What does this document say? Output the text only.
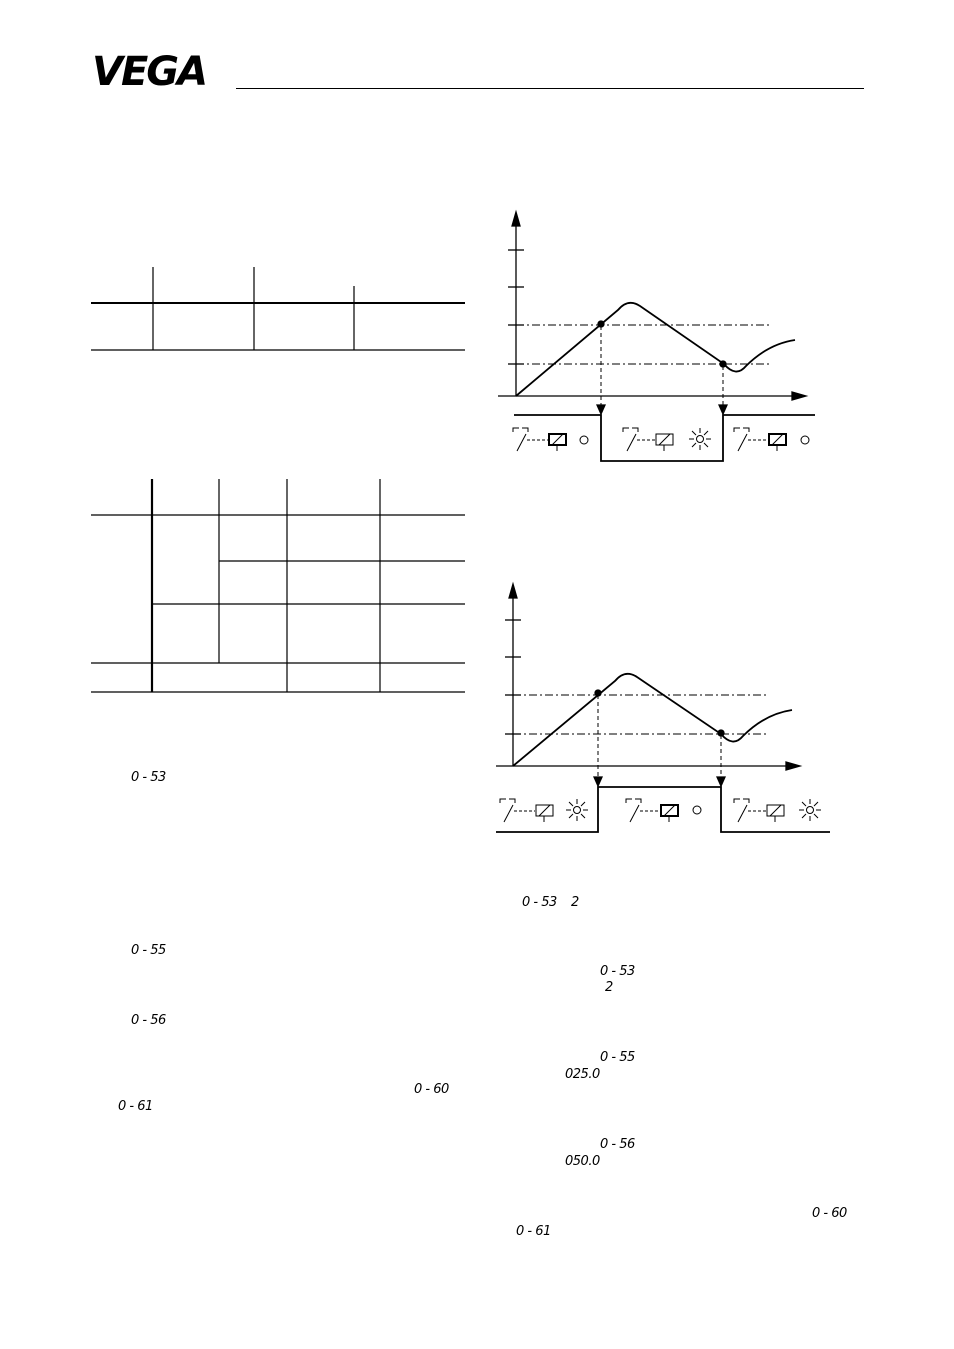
VEGA
0 - 53
0 - 55
0 - 56
0 - 60
0 - 61
0 - 53 2
0 - 53
2
0 - 55
025.0
0 - 56
050.0
0 - 60
0 - 61
